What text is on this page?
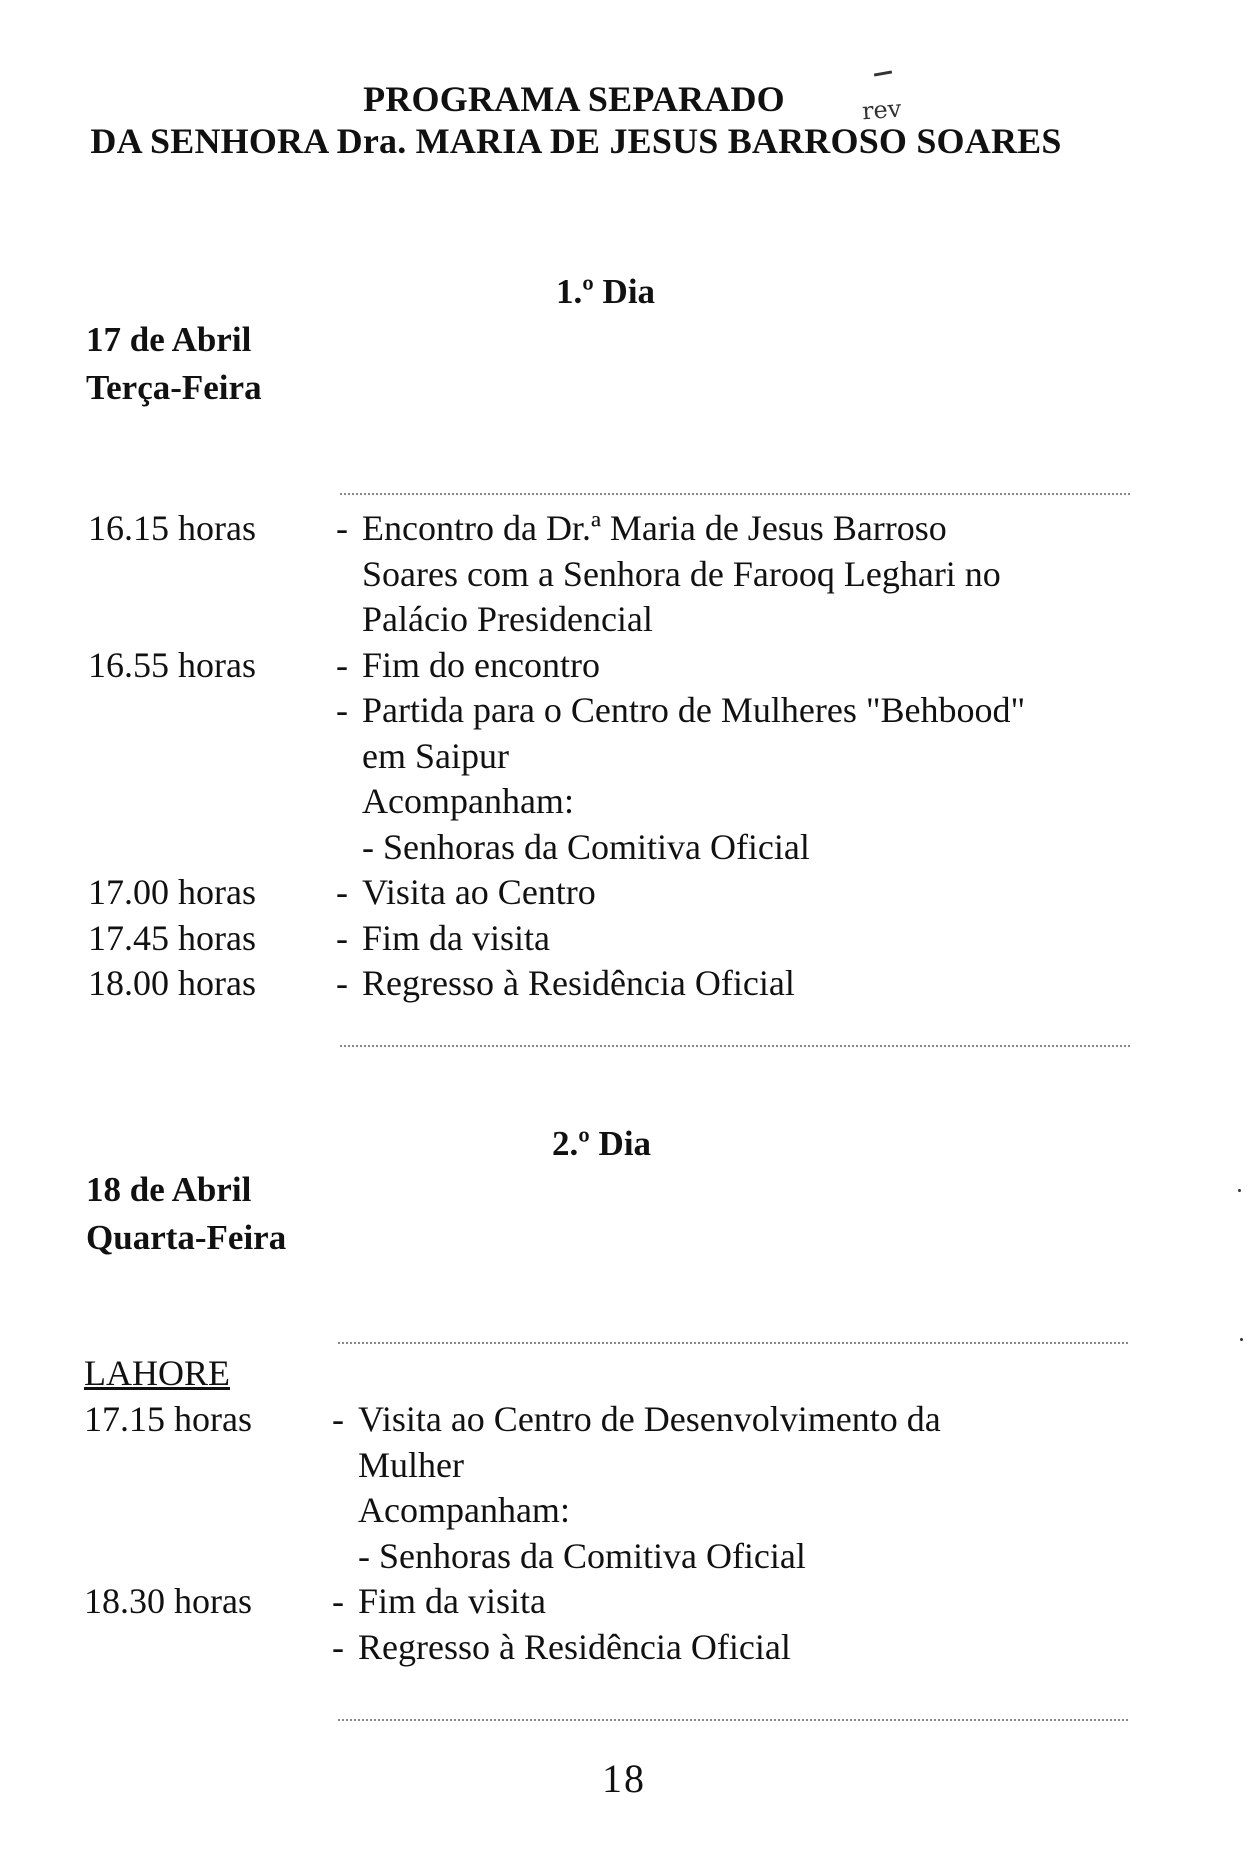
PROGRAMA SEPARADO	rev
DA SENHORA Dra. MARIA DE JESUS BARROSO SOARES
1.º Dia
17 de Abril
Terça-Feira
16.15 horas	- Encontro da Dr.ª Maria de Jesus Barroso
Soares com a Senhora de Farooq Leghari no
Palácio Presidencial
16.55 horas	- Fim do encontro
- Partida para o Centro de Mulheres "Behbood"
em Saipur
Acompanham:
- Senhoras da Comitiva Oficial
17.00 horas	- Visita ao Centro
17.45 horas	- Fim da visita
18.00 horas	- Regresso à Residência Oficial
2.º Dia
18 de Abril
Quarta-Feira
LAHORE
17.15 horas	- Visita ao Centro de Desenvolvimento da
Mulher
Acompanham:
- Senhoras da Comitiva Oficial
18.30 horas	- Fim da visita
- Regresso à Residência Oficial
18
